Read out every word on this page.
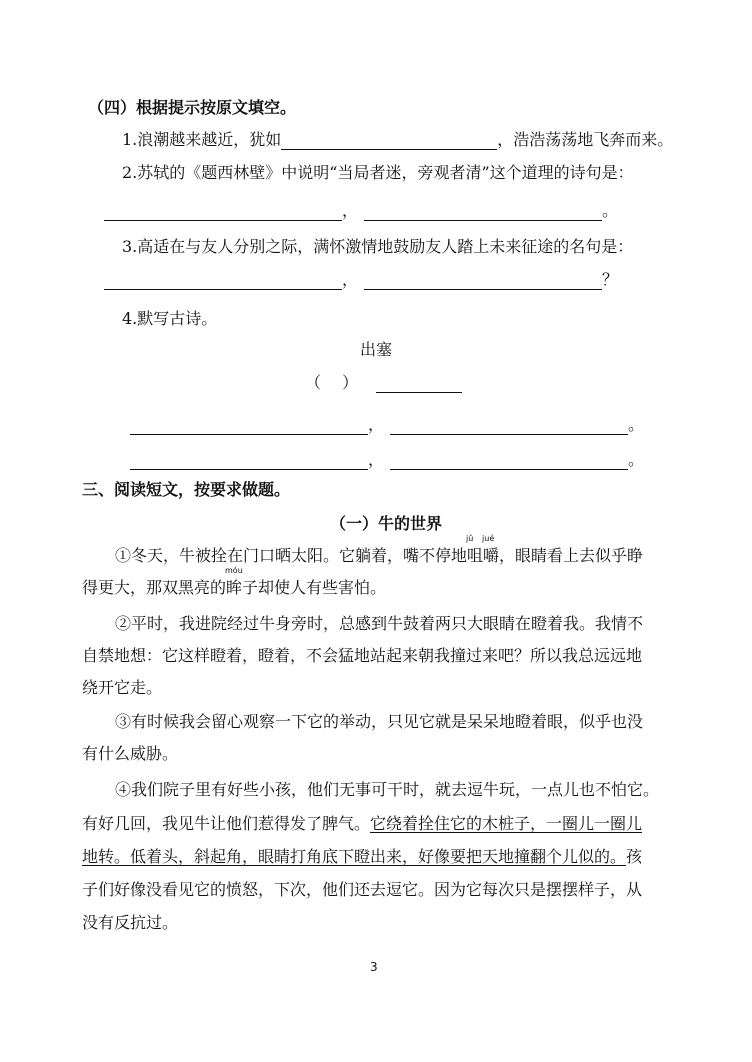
（四）根据提示按原文填空。
1.浪潮越来越近，犹如	，浩浩荡荡地飞奔而来。
2.苏轼的《题西林壁》中说明“当局者迷，旁观者清”这个道理的诗句是：
，	。
3.高适在与友人分别之际，满怀激情地鼓励友人踏上未来征途的名句是：
，	？
4.默写古诗。
出塞
（　 ）
，	。
，	。
三、阅读短文，按要求做题。
（一）牛的世界
①冬天，牛被拴在门口晒太阳。它躺着，嘴不停地
jǔ
咀
jué
嚼，眼睛看上去似乎睁
得更大，那双黑亮的
móu
眸子却使人有些害怕。
②平时，我进院经过牛身旁时，总感到牛鼓着两只大眼睛在瞪着我。我情不
自禁地想：它这样瞪着，瞪着，不会猛地站起来朝我撞过来吧？所以我总远远地
绕开它走。
③有时候我会留心观察一下它的举动，只见它就是呆呆地瞪着眼，似乎也没
有什么威胁。
④我们院子里有好些小孩，他们无事可干时，就去逗牛玩，一点儿也不怕它。
有好几回，我见牛让他们惹得发了脾气。它绕着拴住它的木桩子，一圈儿一圈儿
地转。低着头，斜起角，眼睛打角底下瞪出来，好像要把天地撞翻个儿似的。孩
子们好像没看见它的愤怒，下次，他们还去逗它。因为它每次只是摆摆样子，从
没有反抗过。
3
